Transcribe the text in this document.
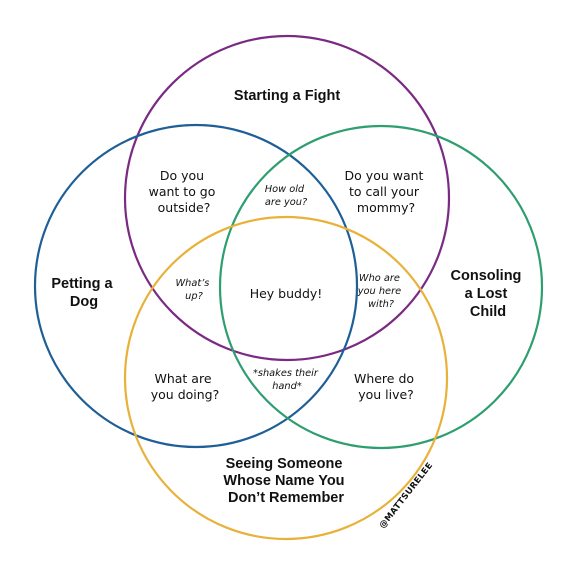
Starting a Fight
Petting a Dog
Consoling a Lost Child
Seeing Someone Whose Name You Don’t Remember
Do you want to go outside?
Do you want to call your mommy?
How old are you?
What’s up?	Hey buddy!
Who are you here with?
What are you doing?
*shakes their hand*
Where do you live?
@MATTSURELEE
